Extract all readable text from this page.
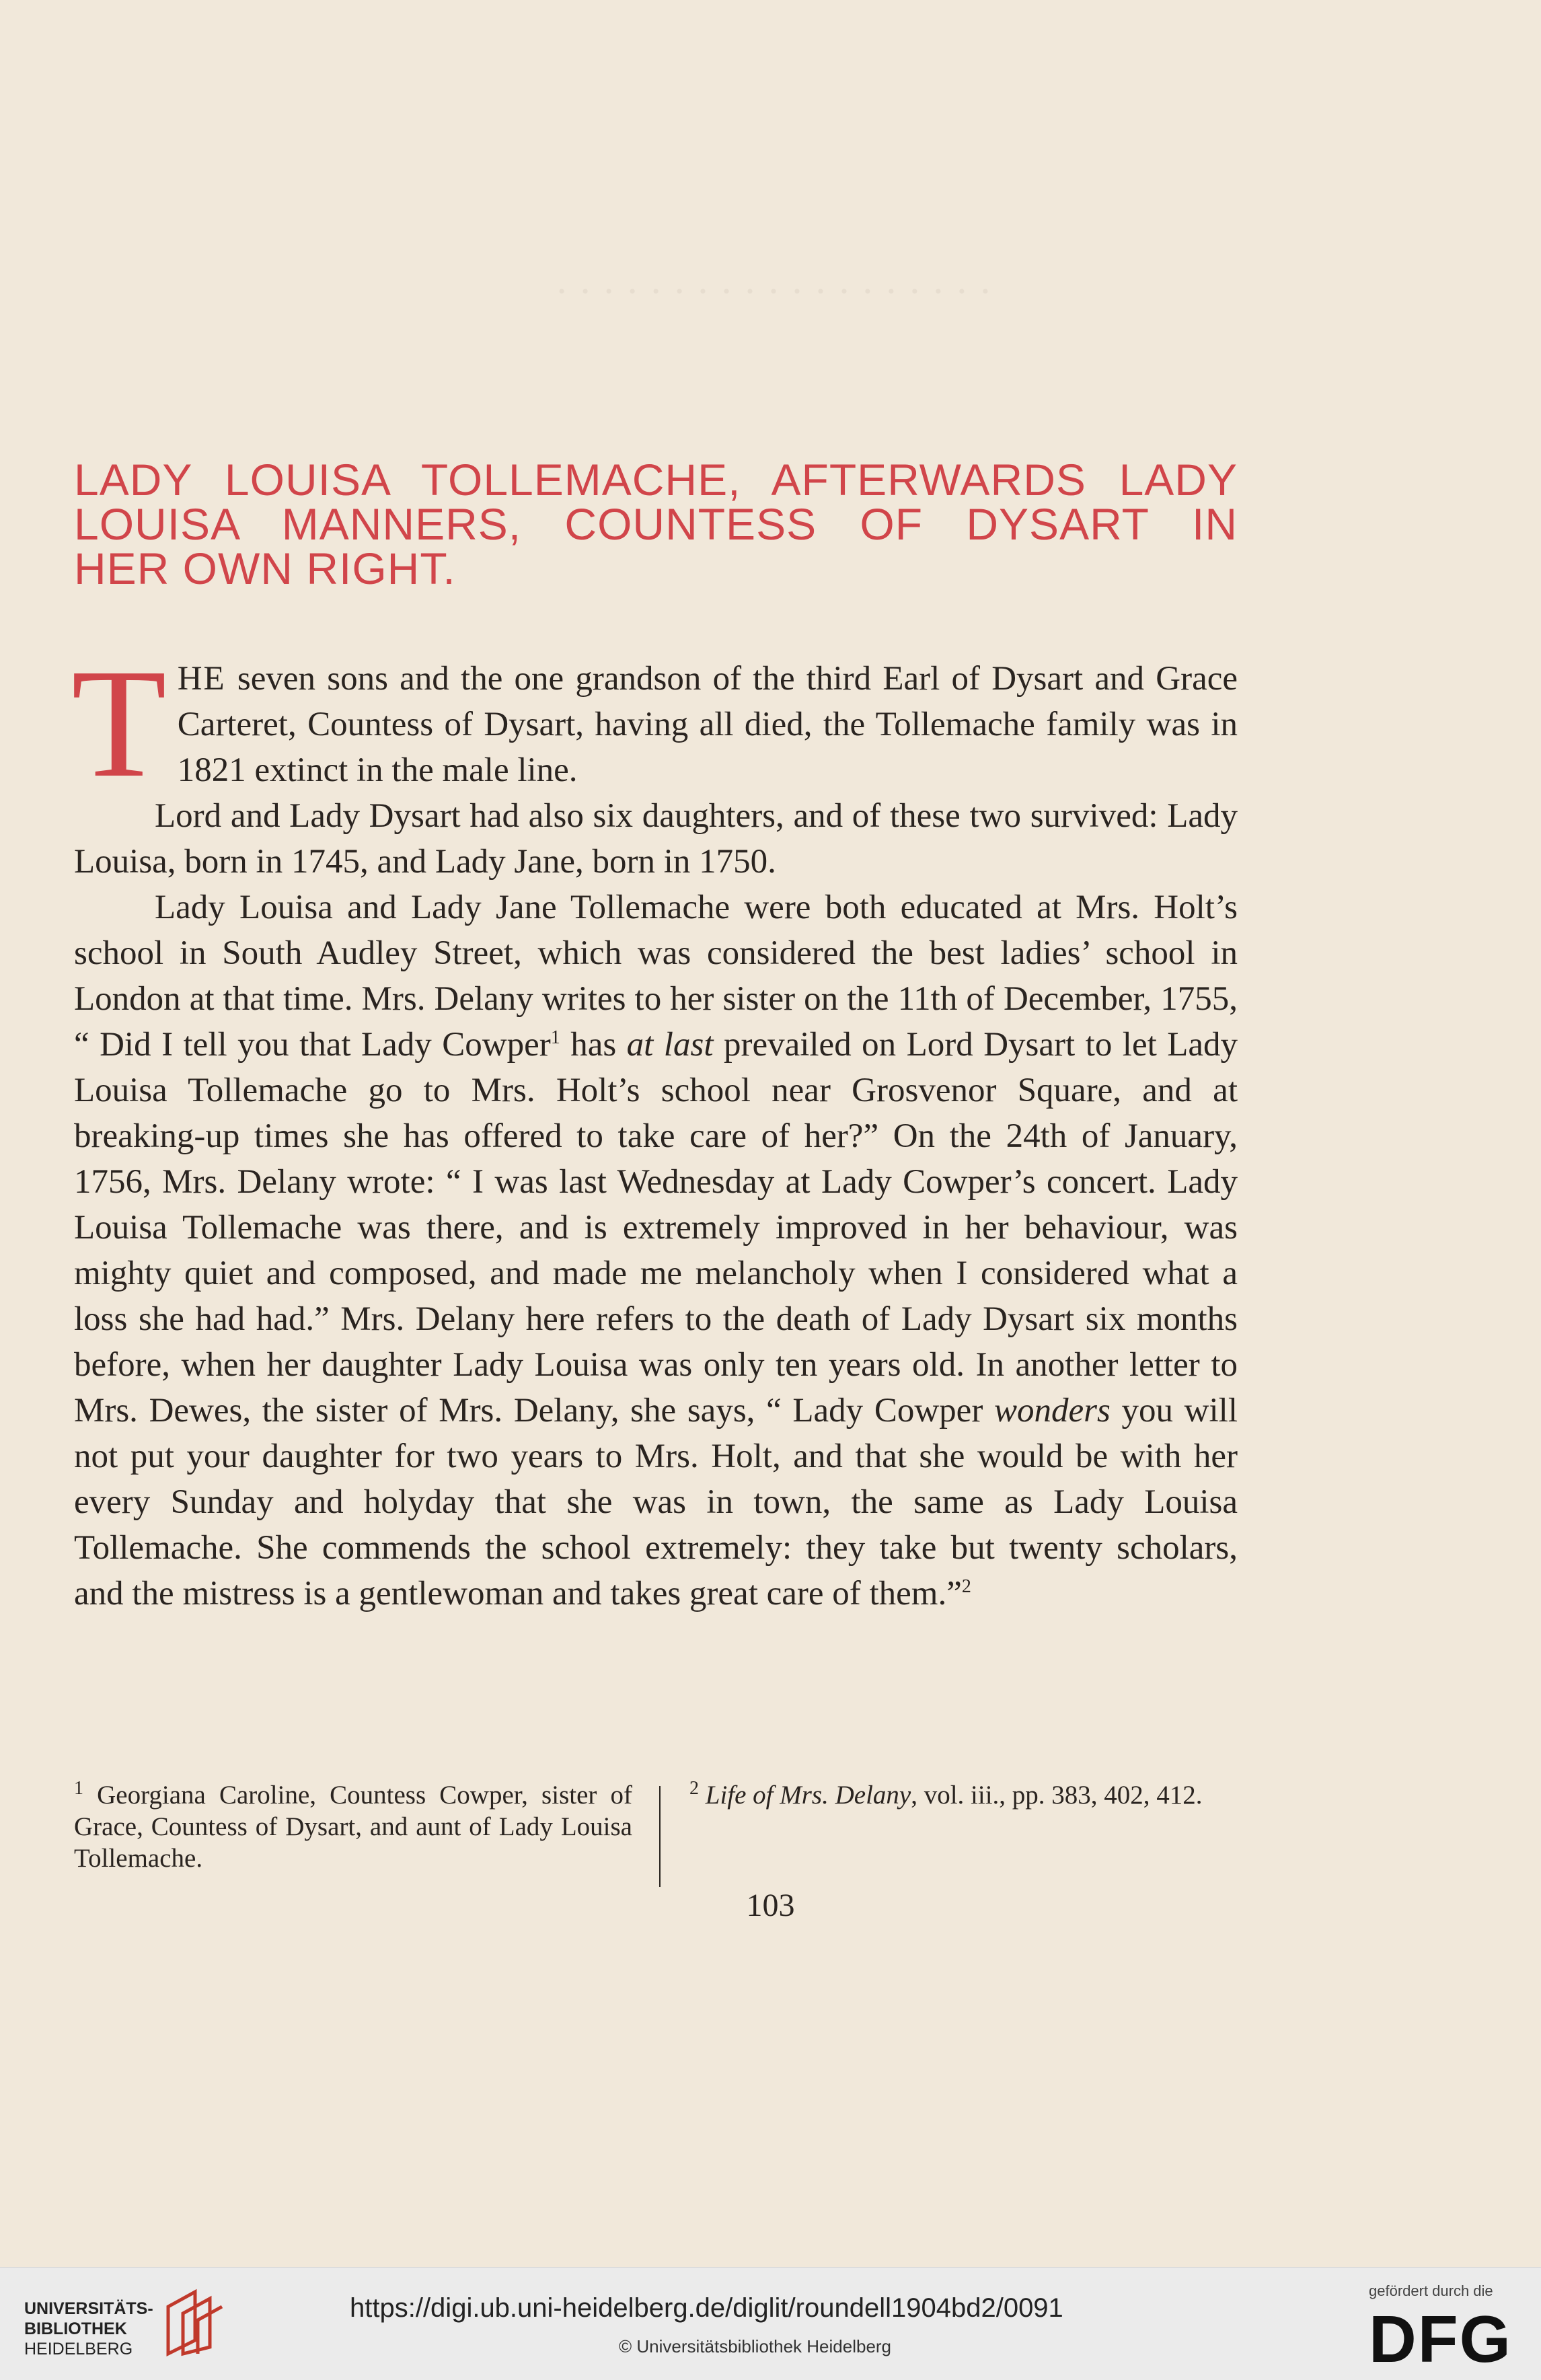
· · · · · · · · · · · · · · · · · · ·
LADY LOUISA TOLLEMACHE, AFTERWARDS LADY
LOUISA MANNERS, COUNTESS OF DYSART IN
HER OWN RIGHT.

THE seven sons and the one grandson of the third Earl of Dysart and Grace Carteret, Countess of Dysart, having all died, the Tollemache family was in 1821 extinct in the male line.

Lord and Lady Dysart had also six daughters, and of these two survived: Lady Louisa, born in 1745, and Lady Jane, born in 1750.

Lady Louisa and Lady Jane Tollemache were both educated at Mrs. Holt’s school in South Audley Street, which was considered the best ladies’ school in London at that time. Mrs. Delany writes to her sister on the 11th of December, 1755, “ Did I tell you that Lady Cowper$^1$ has at last prevailed on Lord Dysart to let Lady Louisa Tollemache go to Mrs. Holt’s school near Grosvenor Square, and at breaking-up times she has offered to take care of her?” On the 24th of January, 1756, Mrs. Delany wrote: “ I was last Wednesday at Lady Cowper’s concert. Lady Louisa Tollemache was there, and is extremely improved in her behaviour, was mighty quiet and composed, and made me melancholy when I considered what a loss she had had.” Mrs. Delany here refers to the death of Lady Dysart six months before, when her daughter Lady Louisa was only ten years old. In another letter to Mrs. Dewes, the sister of Mrs. Delany, she says, “ Lady Cowper wonders you will not put your daughter for two years to Mrs. Holt, and that she would be with her every Sunday and holyday that she was in town, the same as Lady Louisa Tollemache. She commends the school extremely: they take but twenty scholars, and the mistress is a gentlewoman and takes great care of them.”$^2$

$^1$ Georgiana Caroline, Countess Cowper, sister of Grace, Countess of Dysart, and aunt of Lady Louisa Tollemache.
$^2$ Life of Mrs. Delany, vol. iii., pp. 383, 402, 412.
103
UNIVERSITÄTS-
BIBLIOTHEK
HEIDELBERG
https://digi.ub.uni-heidelberg.de/diglit/roundell1904bd2/0091
© Universitätsbibliothek Heidelberg
gefördert durch die
DFG
